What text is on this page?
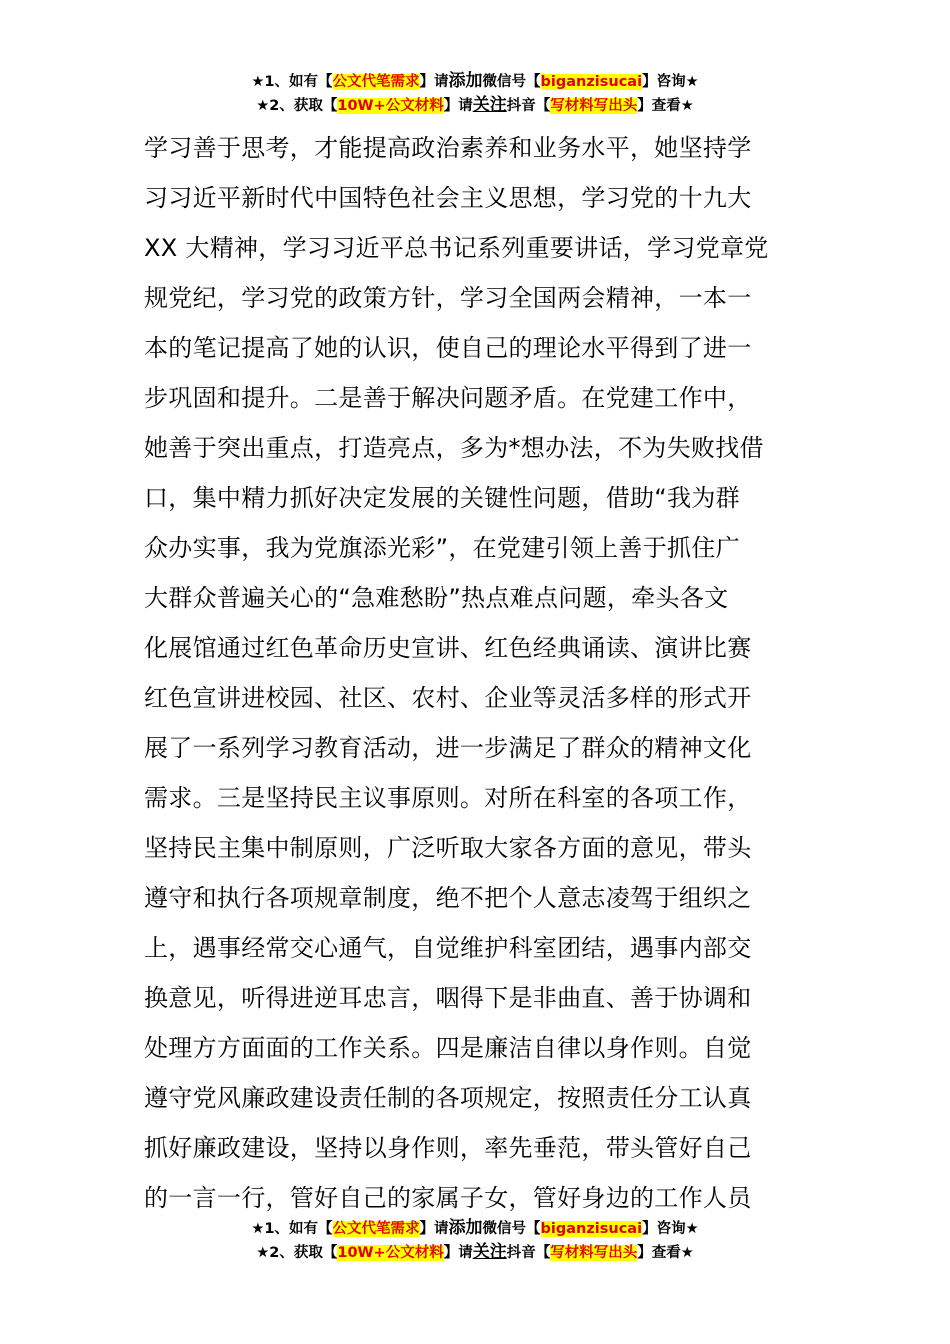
★1、如有【公文代笔需求】请添加微信号【biganzisucai】咨询★
★2、获取【10W+公文材料】请关注抖音【写材料写出头】查看★
学习善于思考，才能提高政治素养和业务水平，她坚持学
习习近平新时代中国特色社会主义思想，学习党的十九大
XX 大精神，学习习近平总书记系列重要讲话，学习党章党
规党纪，学习党的政策方针，学习全国两会精神，一本一
本的笔记提高了她的认识，使自己的理论水平得到了进一
步巩固和提升。二是善于解决问题矛盾。在党建工作中，
她善于突出重点，打造亮点，多为*想办法，不为失败找借
口，集中精力抓好决定发展的关键性问题，借助“我为群
众办实事，我为党旗添光彩”，在党建引领上善于抓住广
大群众普遍关心的“急难愁盼”热点难点问题，牵头各文
化展馆通过红色革命历史宣讲、红色经典诵读、演讲比赛
红色宣讲进校园、社区、农村、企业等灵活多样的形式开
展了一系列学习教育活动，进一步满足了群众的精神文化
需求。三是坚持民主议事原则。对所在科室的各项工作，
坚持民主集中制原则，广泛听取大家各方面的意见，带头
遵守和执行各项规章制度，绝不把个人意志凌驾于组织之
上，遇事经常交心通气，自觉维护科室团结，遇事内部交
换意见，听得进逆耳忠言，咽得下是非曲直、善于协调和
处理方方面面的工作关系。四是廉洁自律以身作则。自觉
遵守党风廉政建设责任制的各项规定，按照责任分工认真
抓好廉政建设，坚持以身作则，率先垂范，带头管好自己
的一言一行，管好自己的家属子女，管好身边的工作人员
★1、如有【公文代笔需求】请添加微信号【biganzisucai】咨询★
★2、获取【10W+公文材料】请关注抖音【写材料写出头】查看★
